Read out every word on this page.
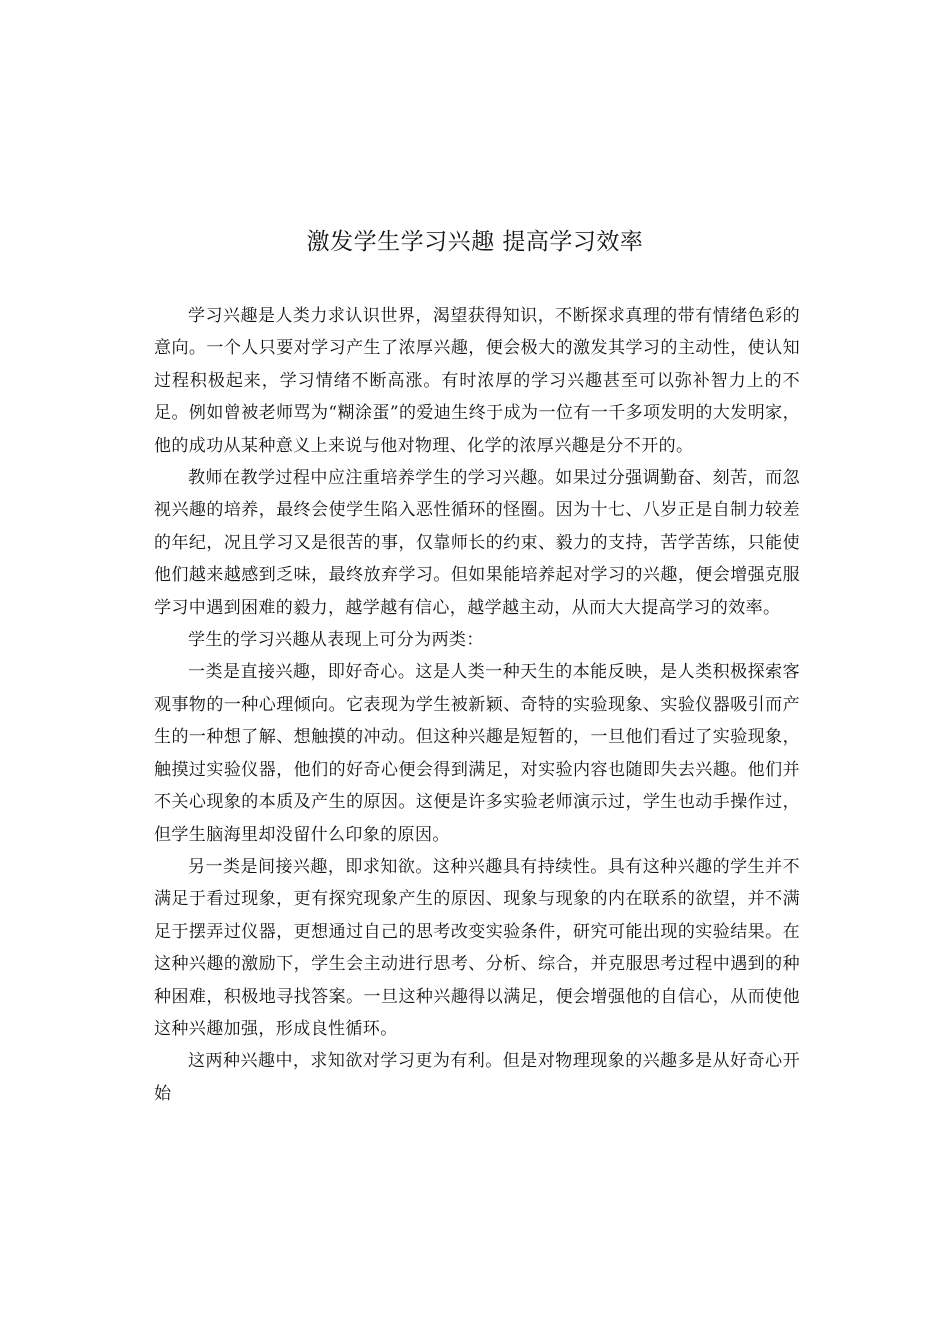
激发学生学习兴趣 提高学习效率

学习兴趣是人类力求认识世界，渴望获得知识，不断探求真理的带有情绪色彩的意向。一个人只要对学习产生了浓厚兴趣，便会极大的激发其学习的主动性，使认知过程积极起来，学习情绪不断高涨。有时浓厚的学习兴趣甚至可以弥补智力上的不足。例如曾被老师骂为“糊涂蛋”的爱迪生终于成为一位有一千多项发明的大发明家，他的成功从某种意义上来说与他对物理、化学的浓厚兴趣是分不开的。

教师在教学过程中应注重培养学生的学习兴趣。如果过分强调勤奋、刻苦，而忽视兴趣的培养，最终会使学生陷入恶性循环的怪圈。因为十七、八岁正是自制力较差的年纪，况且学习又是很苦的事，仅靠师长的约束、毅力的支持，苦学苦练，只能使他们越来越感到乏味，最终放弃学习。但如果能培养起对学习的兴趣，便会增强克服学习中遇到困难的毅力，越学越有信心，越学越主动，从而大大提高学习的效率。

学生的学习兴趣从表现上可分为两类：

一类是直接兴趣，即好奇心。这是人类一种天生的本能反映，是人类积极探索客观事物的一种心理倾向。它表现为学生被新颖、奇特的实验现象、实验仪器吸引而产生的一种想了解、想触摸的冲动。但这种兴趣是短暂的，一旦他们看过了实验现象，触摸过实验仪器，他们的好奇心便会得到满足，对实验内容也随即失去兴趣。他们并不关心现象的本质及产生的原因。这便是许多实验老师演示过，学生也动手操作过，但学生脑海里却没留什么印象的原因。

另一类是间接兴趣，即求知欲。这种兴趣具有持续性。具有这种兴趣的学生并不满足于看过现象，更有探究现象产生的原因、现象与现象的内在联系的欲望，并不满足于摆弄过仪器，更想通过自己的思考改变实验条件，研究可能出现的实验结果。在这种兴趣的激励下，学生会主动进行思考、分析、综合，并克服思考过程中遇到的种种困难，积极地寻找答案。一旦这种兴趣得以满足，便会增强他的自信心，从而使他这种兴趣加强，形成良性循环。

这两种兴趣中，求知欲对学习更为有利。但是对物理现象的兴趣多是从好奇心开始
